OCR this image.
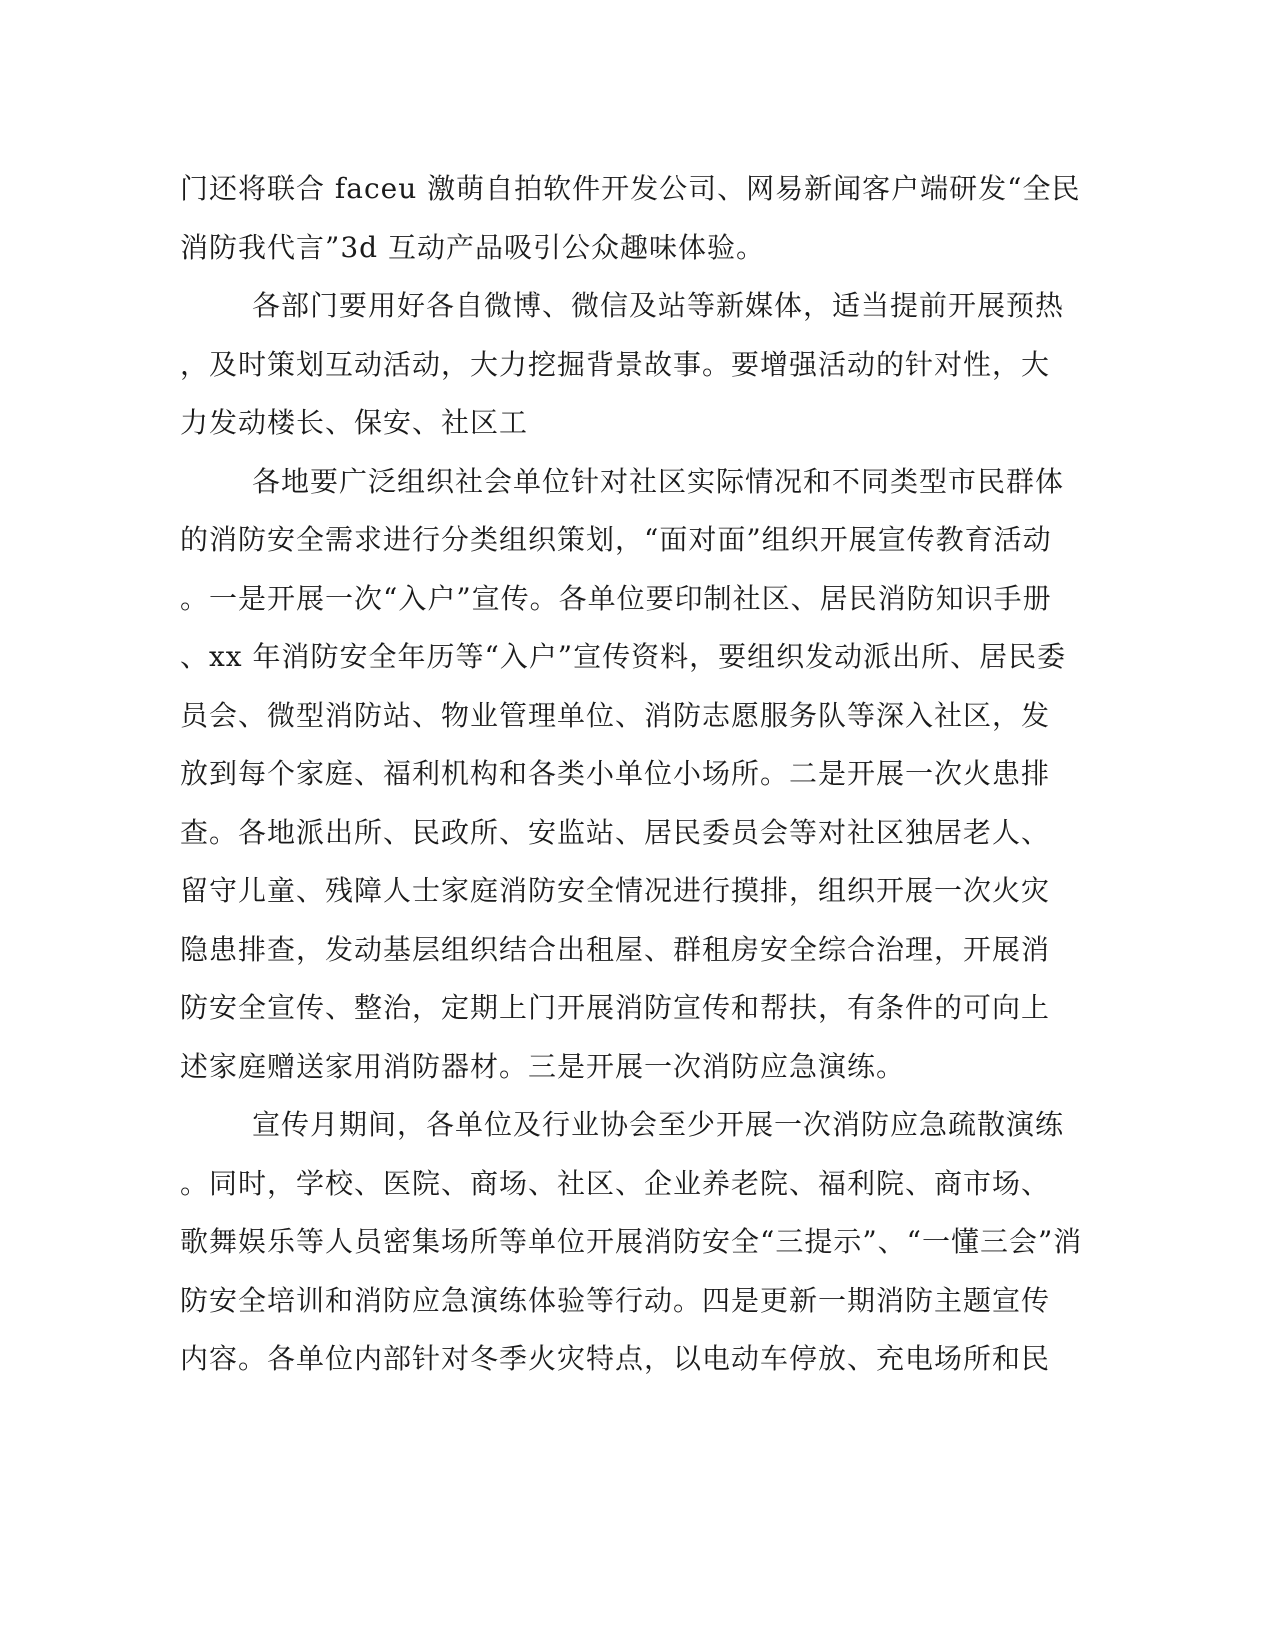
门还将联合 faceu 激萌自拍软件开发公司、网易新闻客户端研发“全民
消防我代言”3d 互动产品吸引公众趣味体验。
各部门要用好各自微博、微信及站等新媒体，适当提前开展预热
，及时策划互动活动，大力挖掘背景故事。要增强活动的针对性，大
力发动楼长、保安、社区工
各地要广泛组织社会单位针对社区实际情况和不同类型市民群体
的消防安全需求进行分类组织策划，“面对面”组织开展宣传教育活动
。一是开展一次“入户”宣传。各单位要印制社区、居民消防知识手册
、xx 年消防安全年历等“入户”宣传资料，要组织发动派出所、居民委
员会、微型消防站、物业管理单位、消防志愿服务队等深入社区，发
放到每个家庭、福利机构和各类小单位小场所。二是开展一次火患排
查。各地派出所、民政所、安监站、居民委员会等对社区独居老人、
留守儿童、残障人士家庭消防安全情况进行摸排，组织开展一次火灾
隐患排查，发动基层组织结合出租屋、群租房安全综合治理，开展消
防安全宣传、整治，定期上门开展消防宣传和帮扶，有条件的可向上
述家庭赠送家用消防器材。三是开展一次消防应急演练。
宣传月期间，各单位及行业协会至少开展一次消防应急疏散演练
。同时，学校、医院、商场、社区、企业养老院、福利院、商市场、
歌舞娱乐等人员密集场所等单位开展消防安全“三提示”、“一懂三会”消
防安全培训和消防应急演练体验等行动。四是更新一期消防主题宣传
内容。各单位内部针对冬季火灾特点，以电动车停放、充电场所和民
